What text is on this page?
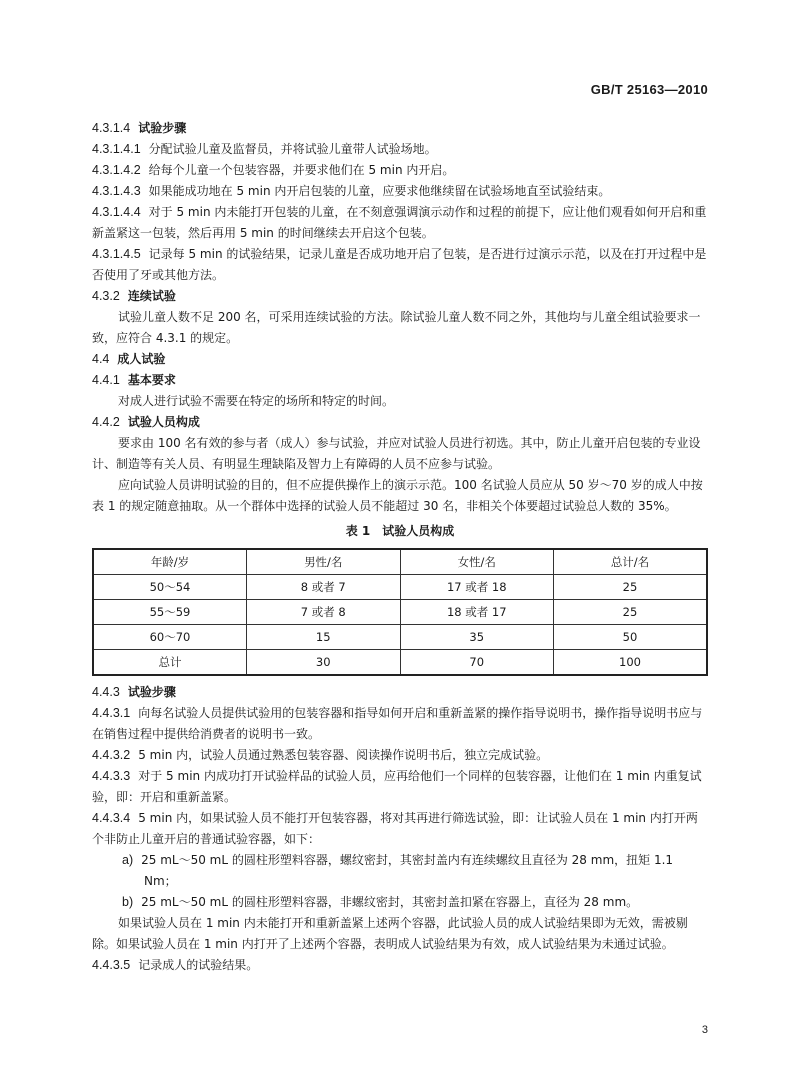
GB/T 25163—2010

4.3.1.4 试验步骤

4.3.1.4.1 分配试验儿童及监督员，并将试验儿童带人试验场地。

4.3.1.4.2 给每个儿童一个包装容器，并要求他们在 5 min 内开启。

4.3.1.4.3 如果能成功地在 5 min 内开启包装的儿童，应要求他继续留在试验场地直至试验结束。

4.3.1.4.4 对于 5 min 内未能打开包装的儿童，在不刻意强调演示动作和过程的前提下，应让他们观看如何开启和重新盖紧这一包装，然后再用 5 min 的时间继续去开启这个包装。

4.3.1.4.5 记录每 5 min 的试验结果，记录儿童是否成功地开启了包装，是否进行过演示示范，以及在打开过程中是否使用了牙或其他方法。

4.3.2 连续试验

试验儿童人数不足 200 名，可采用连续试验的方法。除试验儿童人数不同之外，其他均与儿童全组试验要求一致，应符合 4.3.1 的规定。

4.4 成人试验

4.4.1 基本要求

对成人进行试验不需要在特定的场所和特定的时间。

4.4.2 试验人员构成

要求由 100 名有效的参与者（成人）参与试验，并应对试验人员进行初选。其中，防止儿童开启包装的专业设计、制造等有关人员、有明显生理缺陷及智力上有障碍的人员不应参与试验。

应向试验人员讲明试验的目的，但不应提供操作上的演示示范。100 名试验人员应从 50 岁～70 岁的成人中按表 1 的规定随意抽取。从一个群体中选择的试验人员不能超过 30 名，非相关个体要超过试验总人数的 35%。

表 1　试验人员构成
年龄/岁	男性/名	女性/名	总计/名
50～54	8 或者 7	17 或者 18	25
55～59	7 或者 8	18 或者 17	25
60～70	15	35	50
总计	30	70	100

4.4.3 试验步骤

4.4.3.1 向每名试验人员提供试验用的包装容器和指导如何开启和重新盖紧的操作指导说明书，操作指导说明书应与在销售过程中提供给消费者的说明书一致。

4.4.3.2 5 min 内，试验人员通过熟悉包装容器、阅读操作说明书后，独立完成试验。

4.4.3.3 对于 5 min 内成功打开试验样品的试验人员，应再给他们一个同样的包装容器，让他们在 1 min 内重复试验，即：开启和重新盖紧。

4.4.3.4 5 min 内，如果试验人员不能打开包装容器，将对其再进行筛选试验，即：让试验人员在 1 min 内打开两个非防止儿童开启的普通试验容器，如下：

a) 25 mL～50 mL 的圆柱形塑料容器，螺纹密封，其密封盖内有连续螺纹且直径为 28 mm，扭矩 1.1 Nm；

b) 25 mL～50 mL 的圆柱形塑料容器，非螺纹密封，其密封盖扣紧在容器上，直径为 28 mm。

如果试验人员在 1 min 内未能打开和重新盖紧上述两个容器，此试验人员的成人试验结果即为无效，需被剔除。如果试验人员在 1 min 内打开了上述两个容器，表明成人试验结果为有效，成人试验结果为未通过试验。

4.4.3.5 记录成人的试验结果。

3
